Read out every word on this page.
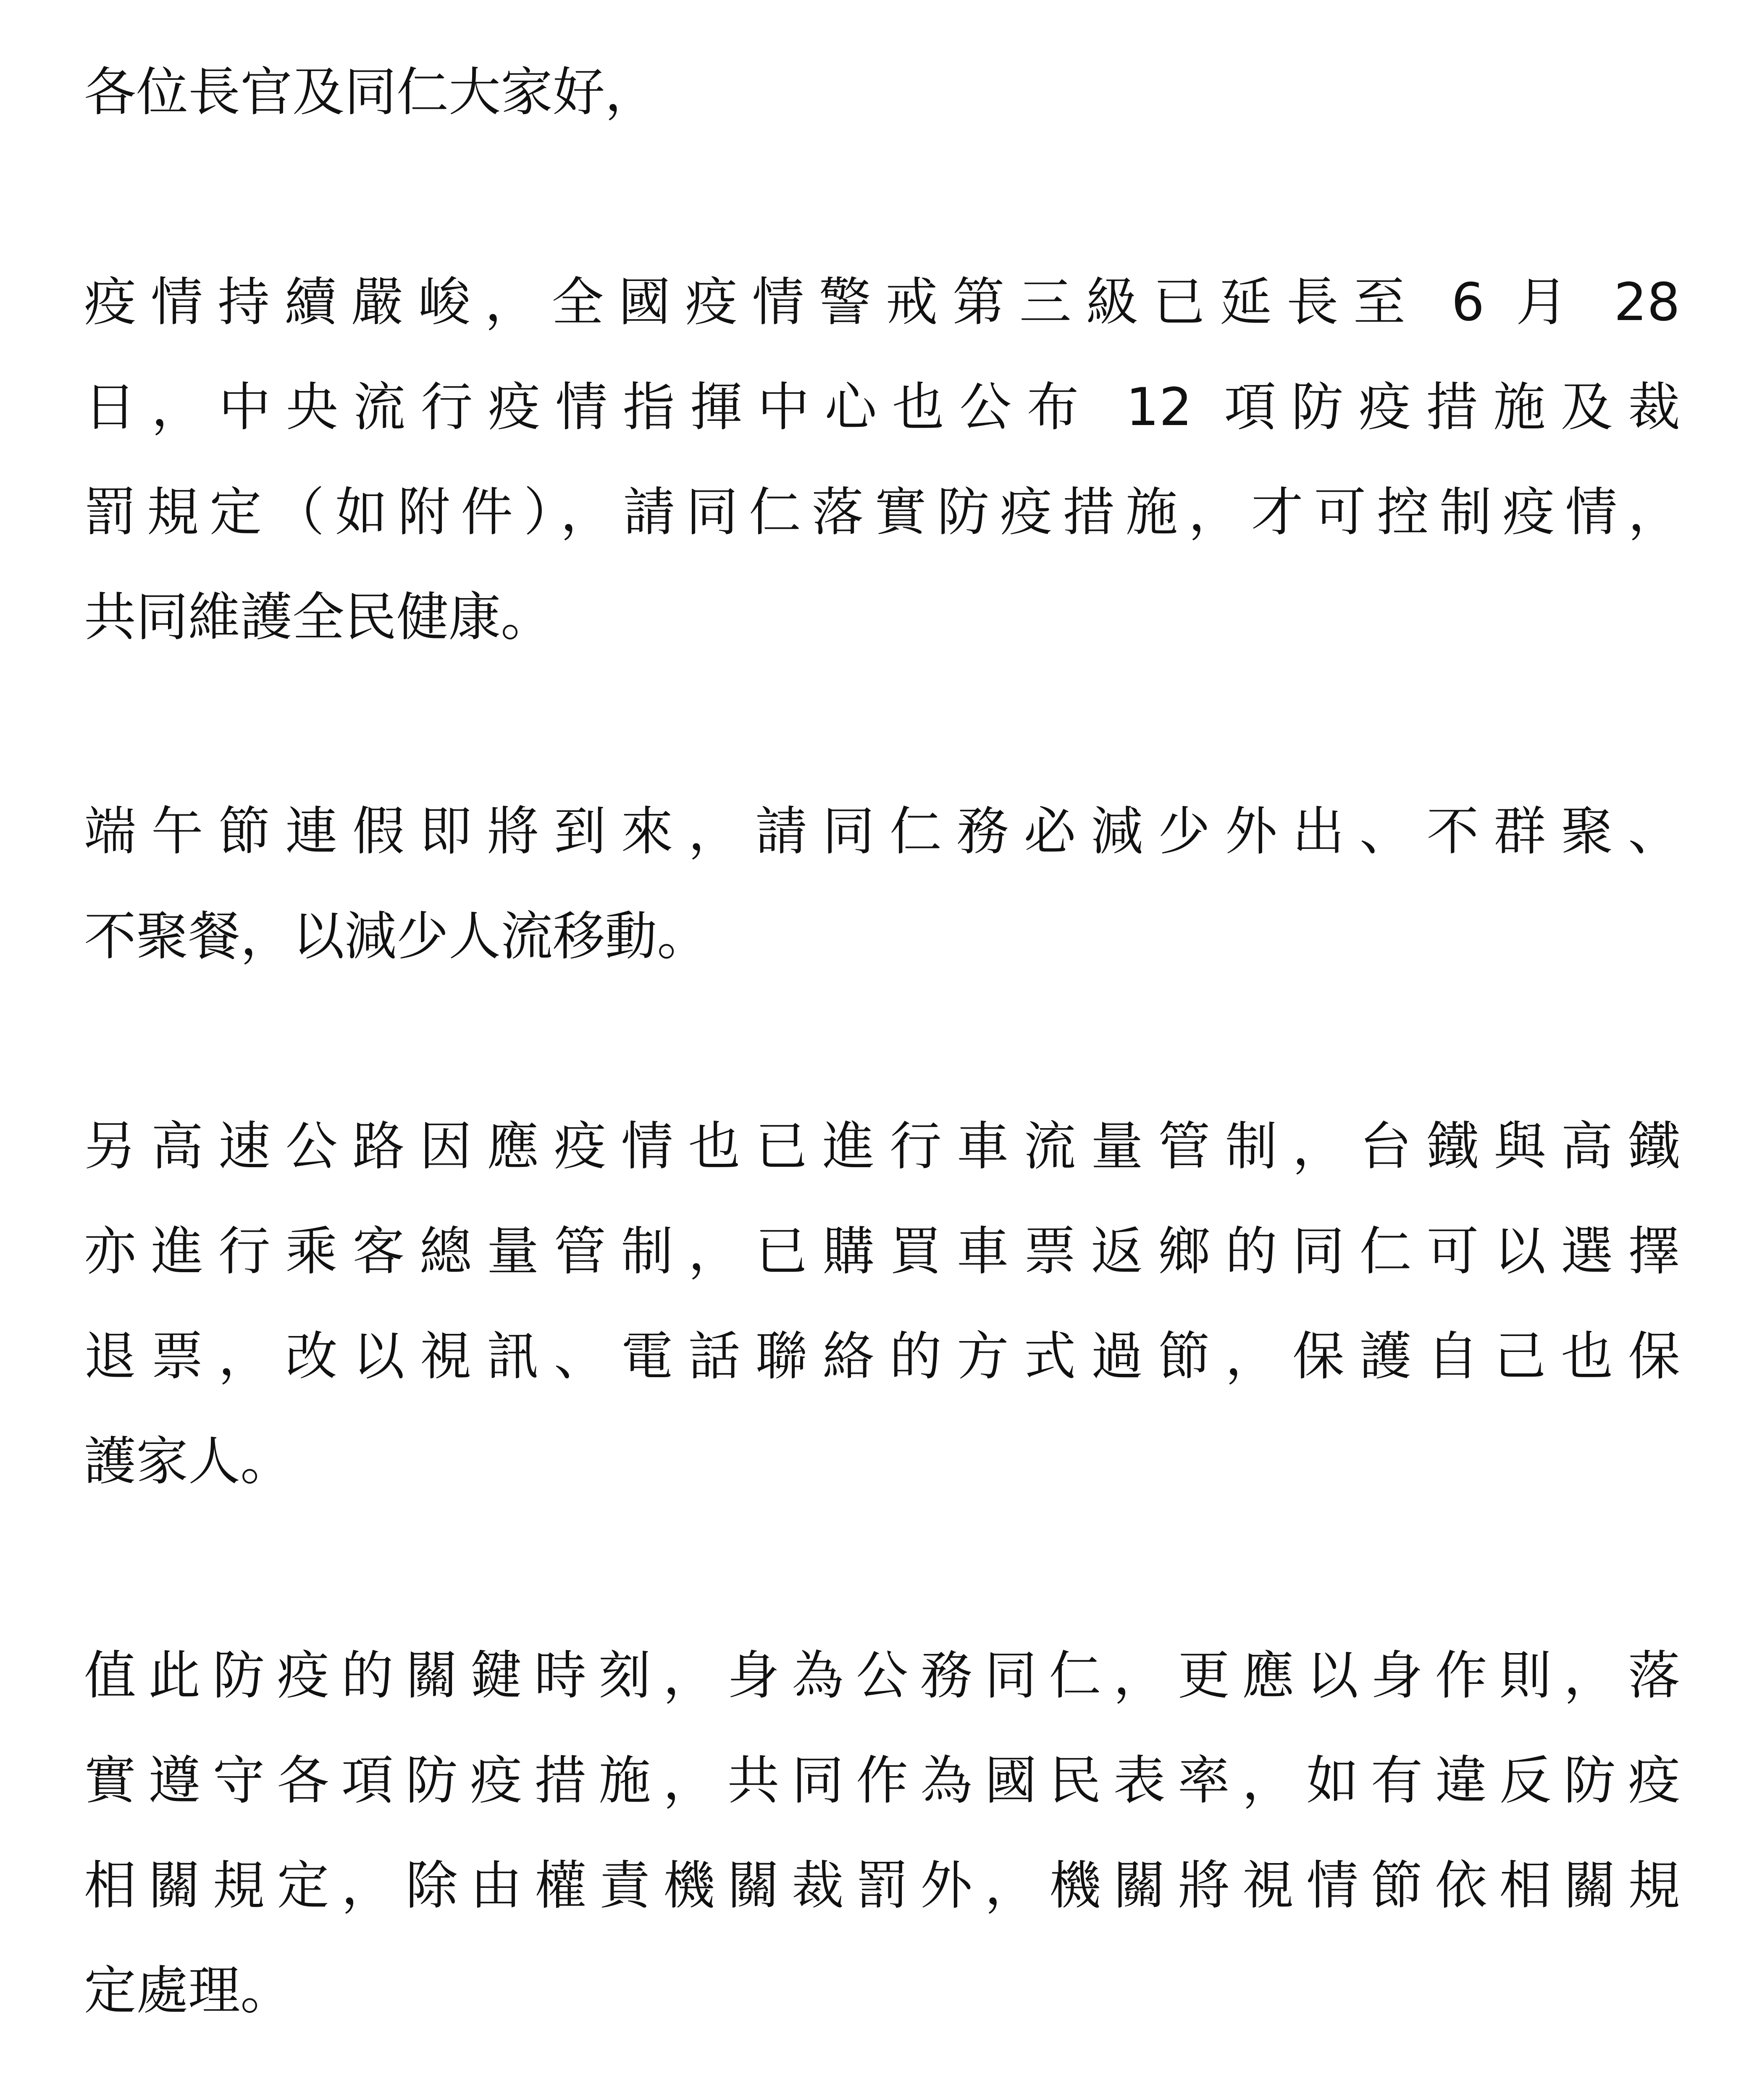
各位長官及同仁大家好，
疫情持續嚴峻，全國疫情警戒第三級已延長至 6 月 28
日，中央流行疫情指揮中心也公布 12 項防疫措施及裁
罰規定（如附件），請同仁落實防疫措施，才可控制疫情，
共同維護全民健康。
端午節連假即將到來，請同仁務必減少外出、不群聚、
不聚餐，以減少人流移動。
另高速公路因應疫情也已進行車流量管制，台鐵與高鐵
亦進行乘客總量管制，已購買車票返鄉的同仁可以選擇
退票，改以視訊、電話聯絡的方式過節，保護自己也保
護家人。
值此防疫的關鍵時刻，身為公務同仁，更應以身作則，落
實遵守各項防疫措施，共同作為國民表率，如有違反防疫
相關規定，除由權責機關裁罰外，機關將視情節依相關規
定處理。
